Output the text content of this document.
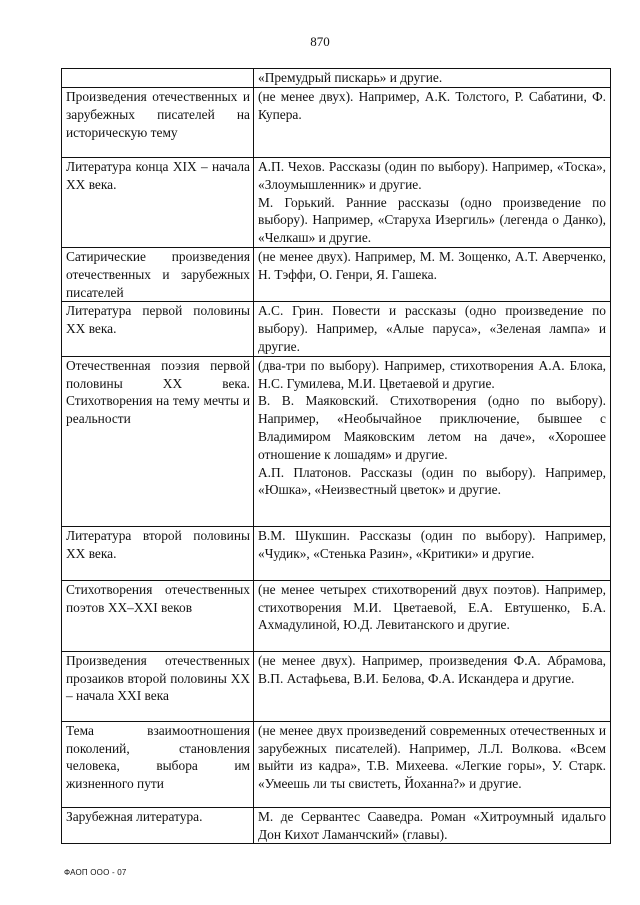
870

	«Премудрый пискарь» и другие.

Произведения отечественных и зарубежных писателей на историческую тему	(не менее двух). Например, А.К. Толстого, Р. Сабатини, Ф. Купера.

Литература конца XIX – начала XX века.	А.П. Чехов. Рассказы (один по выбору). Например, «Тоска», «Злоумышленник» и другие.
М. Горький. Ранние рассказы (одно произведение по выбору). Например, «Старуха Изергиль» (легенда о Данко), «Челкаш» и другие.

Сатирические произведения отечественных и зарубежных писателей	(не менее двух). Например, М. М. Зощенко, А.Т. Аверченко, Н. Тэффи, О. Генри, Я. Гашека.

Литература первой половины XX века.	А.С. Грин. Повести и рассказы (одно произведение по выбору). Например, «Алые паруса», «Зеленая лампа» и другие.

Отечественная поэзия первой половины XX века. Стихотворения на тему мечты и реальности	(два-три по выбору). Например, стихотворения А.А. Блока, Н.С. Гумилева, М.И. Цветаевой и другие.
В. В. Маяковский. Стихотворения (одно по выбору). Например, «Необычайное приключение, бывшее с Владимиром Маяковским летом на даче», «Хорошее отношение к лошадям» и другие.
А.П. Платонов. Рассказы (один по выбору). Например, «Юшка», «Неизвестный цветок» и другие.

Литература второй половины XX века.	В.М. Шукшин. Рассказы (один по выбору). Например, «Чудик», «Стенька Разин», «Критики» и другие.

Стихотворения отечественных поэтов XX–XXI веков	(не менее четырех стихотворений двух поэтов). Например, стихотворения М.И. Цветаевой, Е.А. Евтушенко, Б.А. Ахмадулиной, Ю.Д. Левитанского и другие.

Произведения отечественных прозаиков второй половины XX – начала XXI века	(не менее двух). Например, произведения Ф.А. Абрамова, В.П. Астафьева, В.И. Белова, Ф.А. Искандера и другие.

Тема взаимоотношения поколений, становления человека, выбора им жизненного пути	(не менее двух произведений современных отечественных и зарубежных писателей). Например, Л.Л. Волкова. «Всем выйти из кадра», Т.В. Михеева. «Легкие горы», У. Старк. «Умеешь ли ты свистеть, Йоханна?» и другие.

Зарубежная литература.	М. де Сервантес Сааведра. Роман «Хитроумный идальго Дон Кихот Ламанчский» (главы).
ФАОП ООО - 07
